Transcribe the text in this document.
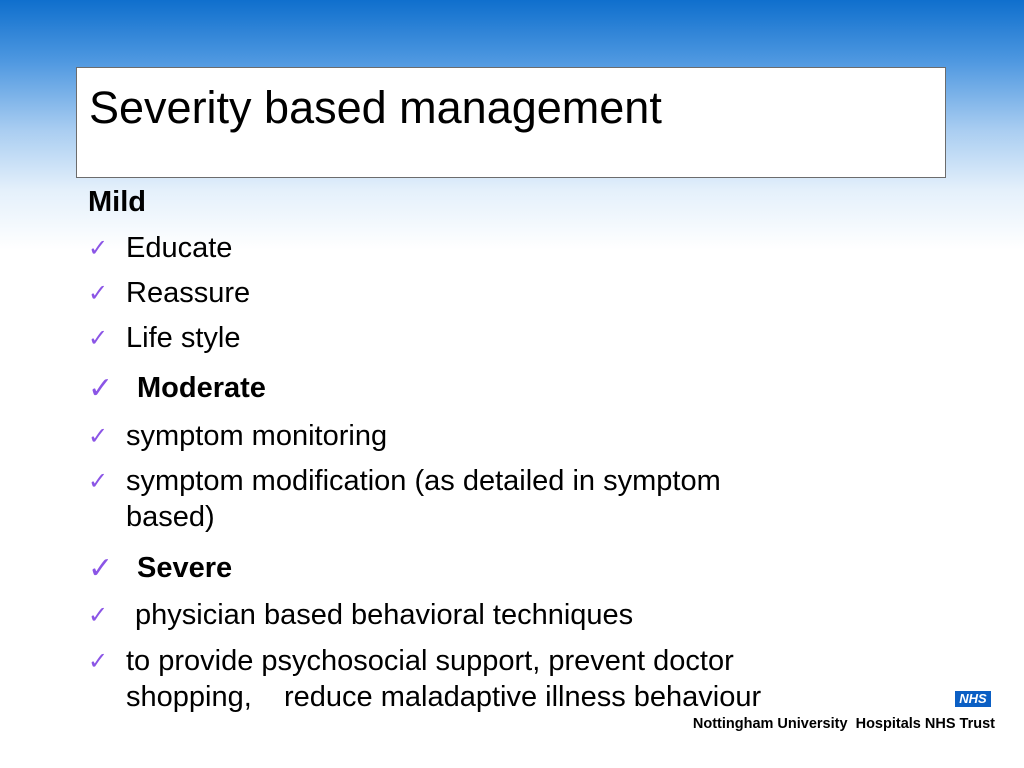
Severity based management
Mild
✓ Educate
✓ Reassure
✓ Life style
✓ Moderate
✓ symptom monitoring
✓ symptom modification (as detailed in symptom
based)
✓ Severe
✓ physician based behavioral techniques
✓ to provide psychosocial support, prevent doctor
shopping,    reduce maladaptive illness behaviour	NHS
Nottingham University  Hospitals NHS Trust
